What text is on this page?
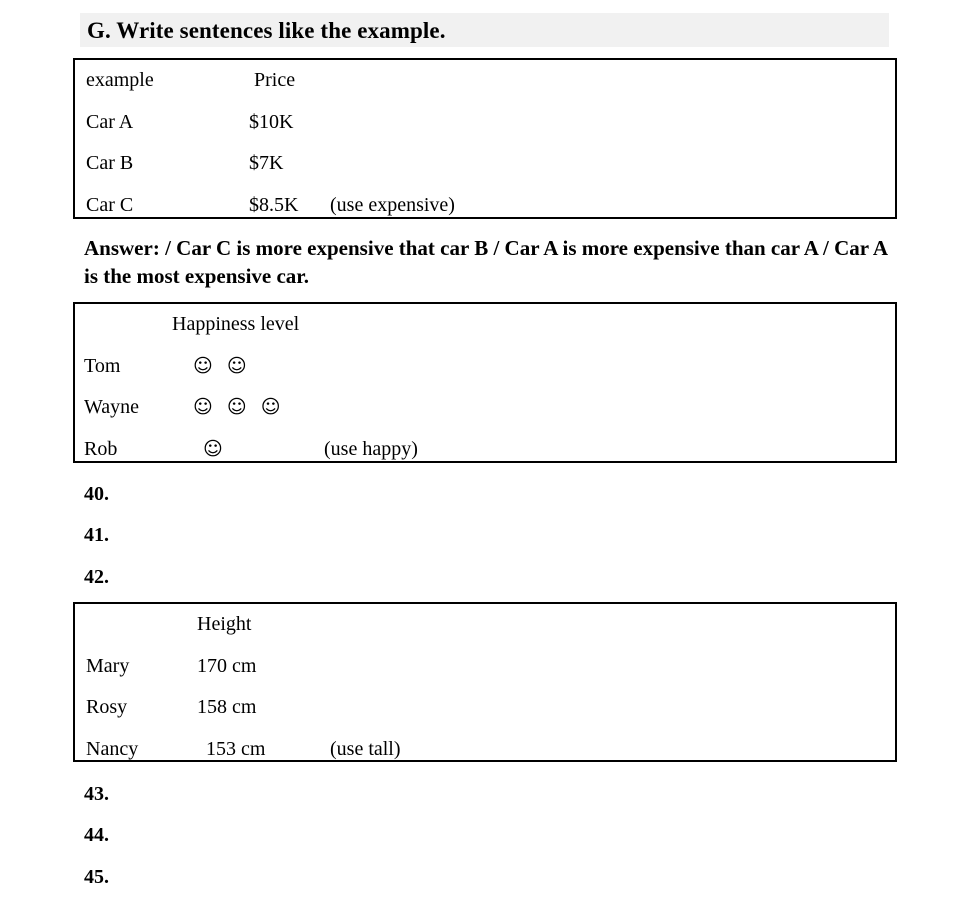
G. Write sentences like the example.
example	Price
Car A	$10K
Car B	$7K
Car C	$8.5K (use expensive)
Answer: / Car C is more expensive that car B / Car A is more expensive than car A / Car A is the most expensive car.
Happiness level
Tom	☺ ☺
Wayne	☺ ☺ ☺
Rob	☺	(use happy)
40.
41.
42.
Height
Mary	170 cm
Rosy	158 cm
Nancy	153 cm	(use tall)
43.
44.
45.
